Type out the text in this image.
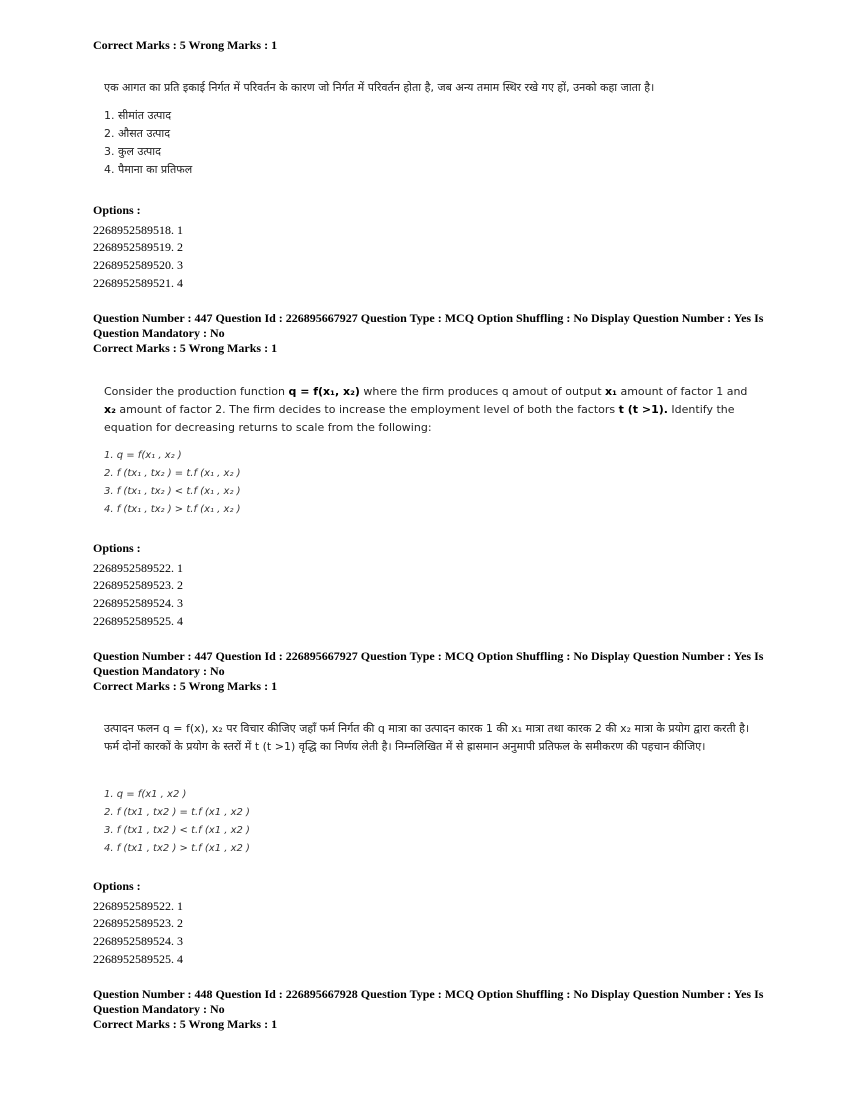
Correct Marks : 5 Wrong Marks : 1

एक आगत का प्रति इकाई निर्गत में परिवर्तन के कारण जो निर्गत में परिवर्तन होता है, जब अन्य तमाम स्थिर रखे गए हों, उनको कहा जाता है।

1. सीमांत उत्पाद
2. औसत उत्पाद
3. कुल उत्पाद
4. पैमाना का प्रतिफल
Options :
2268952589518. 1
2268952589519. 2
2268952589520. 3
2268952589521. 4
Question Number : 447 Question Id : 226895667927 Question Type : MCQ Option Shuffling : No Display Question Number : Yes Is Question Mandatory : No
Correct Marks : 5 Wrong Marks : 1

Consider the production function q = f(x₁, x₂) where the firm produces q amout of output x₁ amount of factor 1 and
x₂ amount of factor 2. The firm decides to increase the employment level of both the factors t (t >1). Identify the
equation for decreasing returns to scale from the following:

1. q = f(x₁ , x₂ )
2. f (tx₁ , tx₂ ) = t.f (x₁ , x₂ )
3. f (tx₁ , tx₂ ) < t.f (x₁ , x₂ )
4. f (tx₁ , tx₂ ) > t.f (x₁ , x₂ )
Options :
2268952589522. 1
2268952589523. 2
2268952589524. 3
2268952589525. 4
Question Number : 447 Question Id : 226895667927 Question Type : MCQ Option Shuffling : No Display Question Number : Yes Is Question Mandatory : No
Correct Marks : 5 Wrong Marks : 1

उत्पादन फलन q = f(x), x₂ पर विचार कीजिए जहाँ फर्म निर्गत की q मात्रा का उत्पादन कारक 1 की x₁ मात्रा तथा कारक 2 की x₂ मात्रा के प्रयोग द्वारा करती है। फर्म दोनों कारकों के प्रयोग के स्तरों में t (t >1) वृद्धि का निर्णय लेती है। निम्नलिखित में से ह्रासमान अनुमापी प्रतिफल के समीकरण की पहचान कीजिए।

1. q = f(x1 , x2 )
2. f (tx1 , tx2 ) = t.f (x1 , x2 )
3. f (tx1 , tx2 ) < t.f (x1 , x2 )
4. f (tx1 , tx2 ) > t.f (x1 , x2 )
Options :
2268952589522. 1
2268952589523. 2
2268952589524. 3
2268952589525. 4
Question Number : 448 Question Id : 226895667928 Question Type : MCQ Option Shuffling : No Display Question Number : Yes Is Question Mandatory : No
Correct Marks : 5 Wrong Marks : 1
